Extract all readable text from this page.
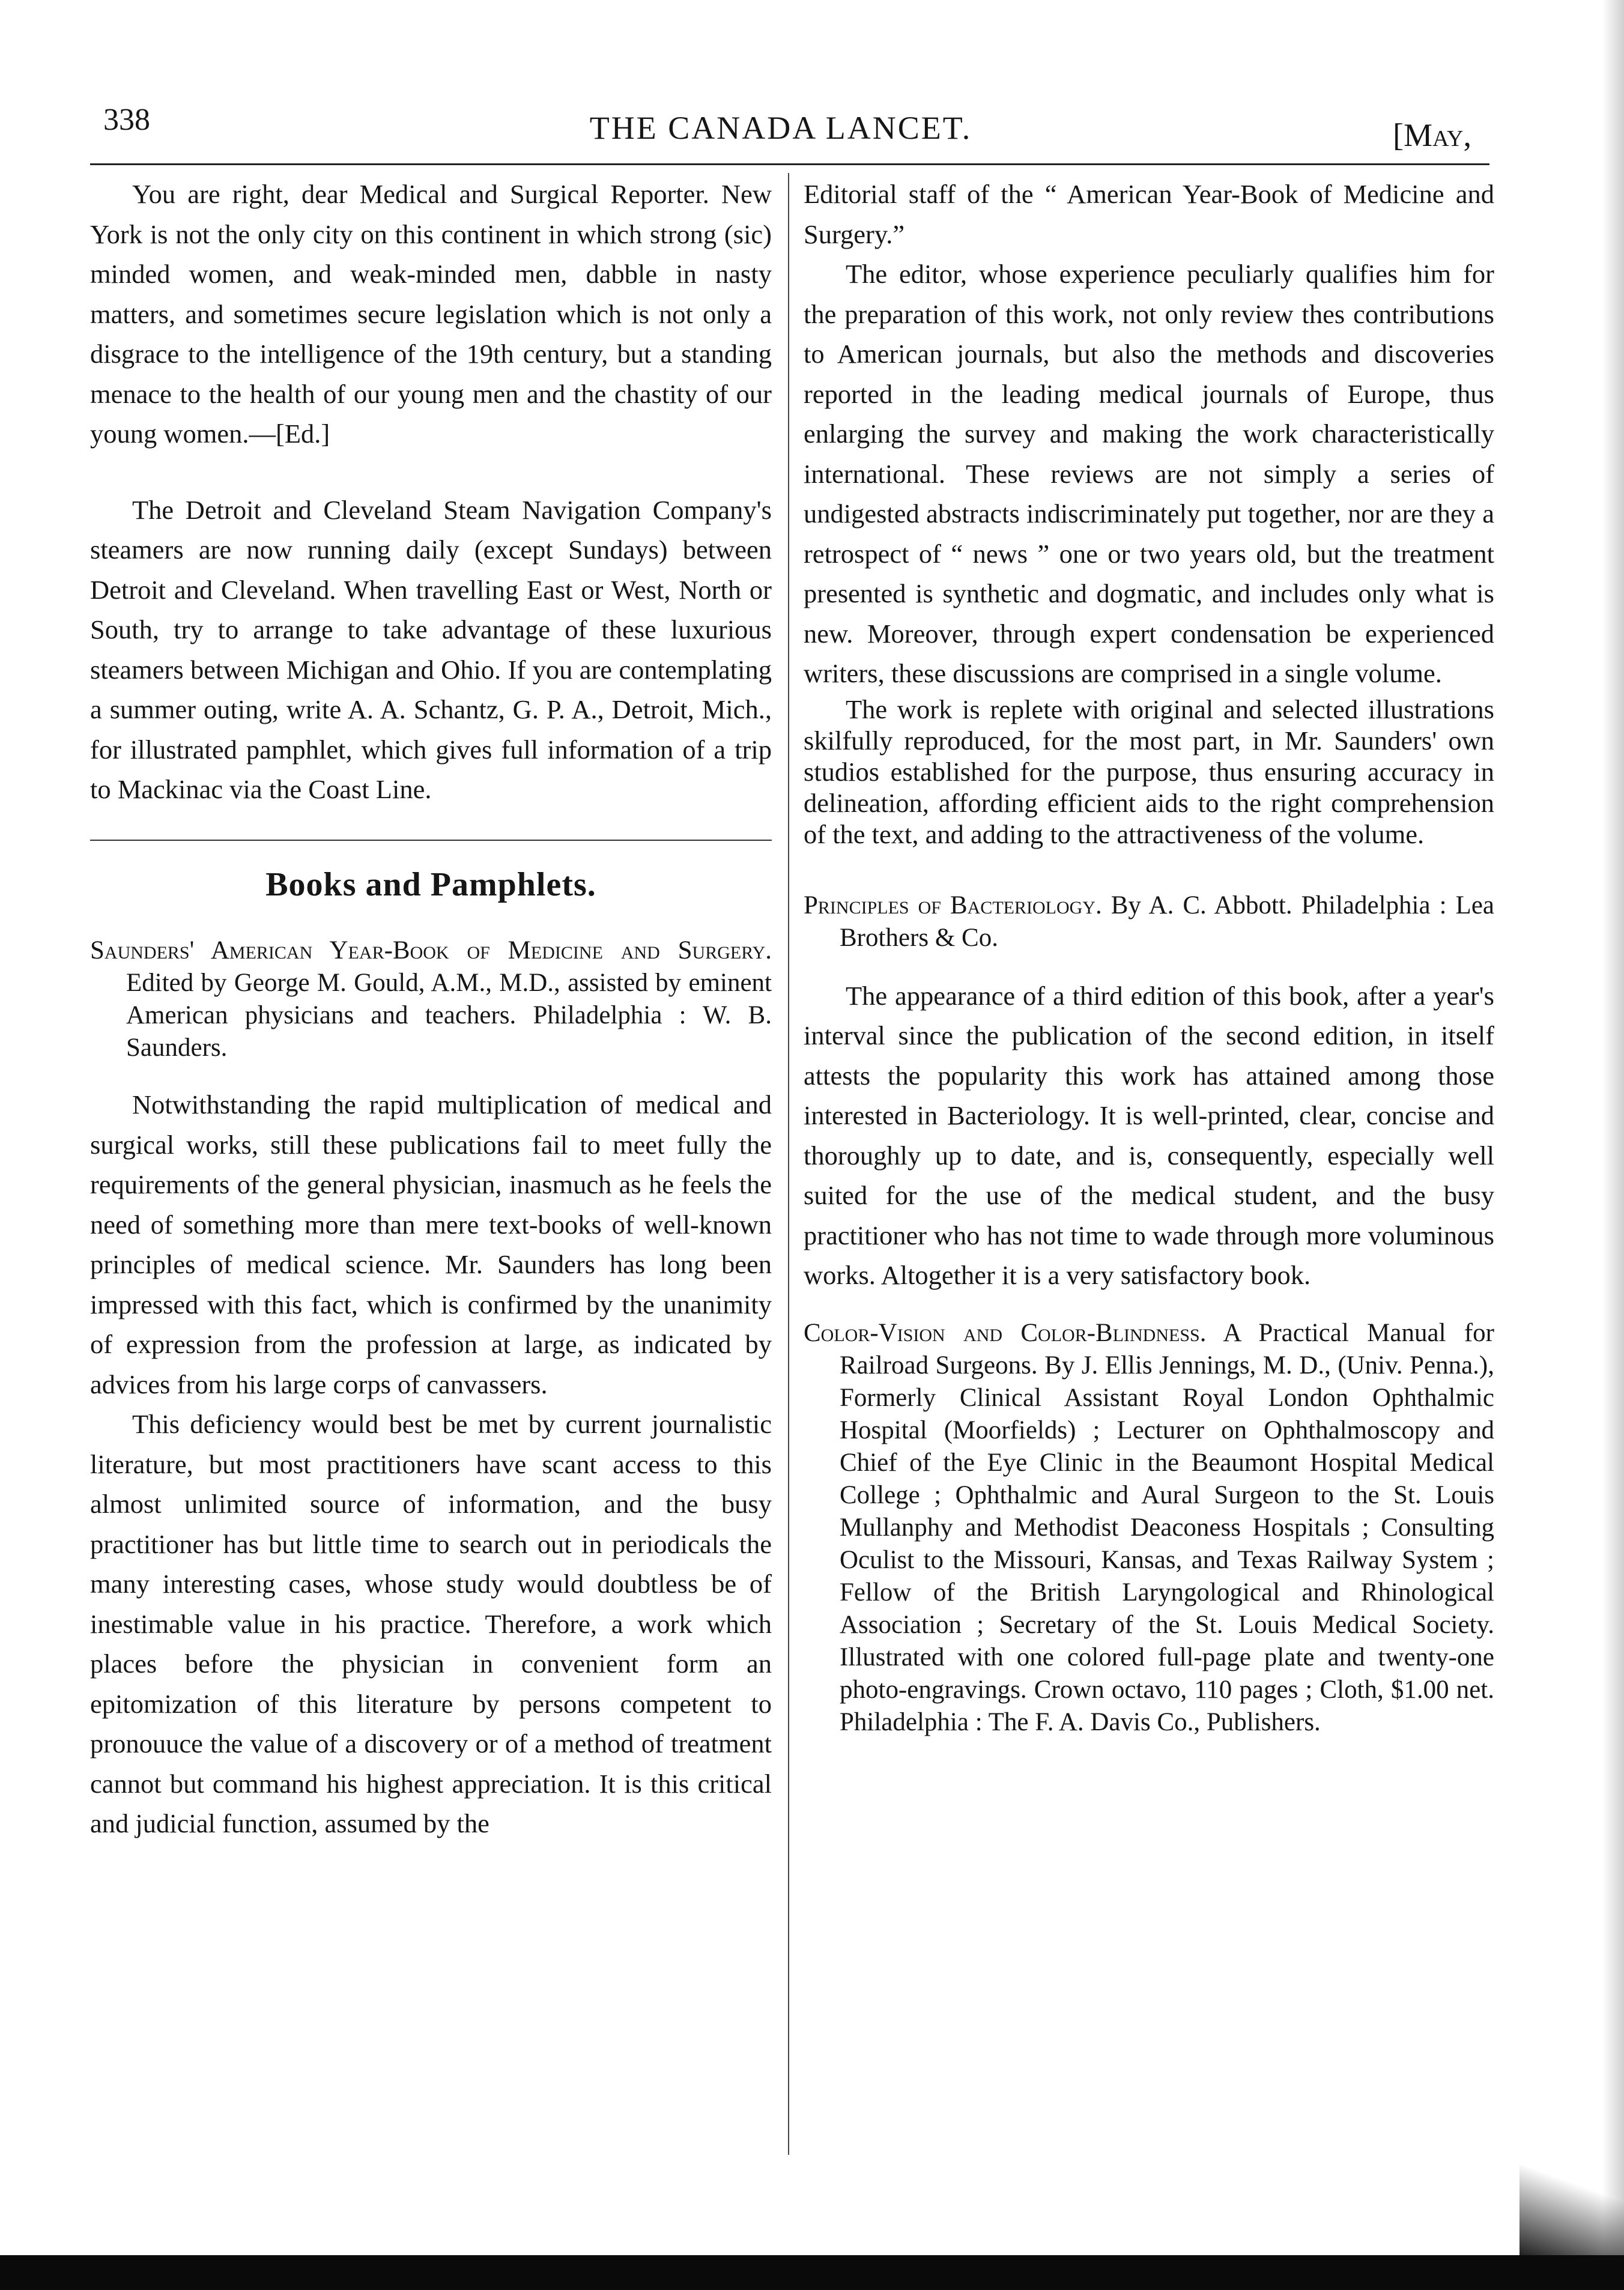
338	THE CANADA LANCET.	[May,

You are right, dear Medical and Surgical Reporter. New York is not the only city on this continent in which strong (sic) minded women, and weak-minded men, dabble in nasty matters, and sometimes secure legislation which is not only a disgrace to the intelligence of the 19th century, but a standing menace to the health of our young men and the chastity of our young women.—[Ed.]

The Detroit and Cleveland Steam Navigation Company's steamers are now running daily (except Sundays) between Detroit and Cleveland. When travelling East or West, North or South, try to arrange to take advantage of these luxurious steamers between Michigan and Ohio. If you are contemplating a summer outing, write A. A. Schantz, G. P. A., Detroit, Mich., for illustrated pamphlet, which gives full information of a trip to Mackinac via the Coast Line.

Books and Pamphlets.

Saunders' American Year-Book of Medicine and Surgery. Edited by George M. Gould, A.M., M.D., assisted by eminent American physicians and teachers. Philadelphia : W. B. Saunders.

Notwithstanding the rapid multiplication of medical and surgical works, still these publications fail to meet fully the requirements of the general physician, inasmuch as he feels the need of something more than mere text-books of well-known principles of medical science. Mr. Saunders has long been impressed with this fact, which is confirmed by the unanimity of expression from the profession at large, as indicated by advices from his large corps of canvassers.

This deficiency would best be met by current journalistic literature, but most practitioners have scant access to this almost unlimited source of information, and the busy practitioner has but little time to search out in periodicals the many interesting cases, whose study would doubtless be of inestimable value in his practice. Therefore, a work which places before the physician in convenient form an epitomization of this literature by persons competent to pronouuce the value of a discovery or of a method of treatment cannot but command his highest appreciation. It is this critical and judicial function, assumed by the

Editorial staff of the “ American Year-Book of Medicine and Surgery.”

The editor, whose experience peculiarly qualifies him for the preparation of this work, not only review thes contributions to American journals, but also the methods and discoveries reported in the leading medical journals of Europe, thus enlarging the survey and making the work characteristically international. These reviews are not simply a series of undigested abstracts indiscriminately put together, nor are they a retrospect of “ news ” one or two years old, but the treatment presented is synthetic and dogmatic, and includes only what is new. Moreover, through expert condensation be experienced writers, these discussions are comprised in a single volume.

The work is replete with original and selected illustrations skilfully reproduced, for the most part, in Mr. Saunders' own studios established for the purpose, thus ensuring accuracy in delineation, affording efficient aids to the right comprehension of the text, and adding to the attractiveness of the volume.

Principles of Bacteriology. By A. C. Abbott. Philadelphia : Lea Brothers & Co.

The appearance of a third edition of this book, after a year's interval since the publication of the second edition, in itself attests the popularity this work has attained among those interested in Bacteriology. It is well-printed, clear, concise and thoroughly up to date, and is, consequently, especially well suited for the use of the medical student, and the busy practitioner who has not time to wade through more voluminous works. Altogether it is a very satisfactory book.

Color-Vision and Color-Blindness. A Practical Manual for Railroad Surgeons. By J. Ellis Jennings, M. D., (Univ. Penna.), Formerly Clinical Assistant Royal London Ophthalmic Hospital (Moorfields) ; Lecturer on Ophthalmoscopy and Chief of the Eye Clinic in the Beaumont Hospital Medical College ; Ophthalmic and Aural Surgeon to the St. Louis Mullanphy and Methodist Deaconess Hospitals ; Consulting Oculist to the Missouri, Kansas, and Texas Railway System ; Fellow of the British Laryngological and Rhinological Association ; Secretary of the St. Louis Medical Society. Illustrated with one colored full-page plate and twenty-one photo-engravings. Crown octavo, 110 pages ; Cloth, $1.00 net. Philadelphia : The F. A. Davis Co., Publishers.
